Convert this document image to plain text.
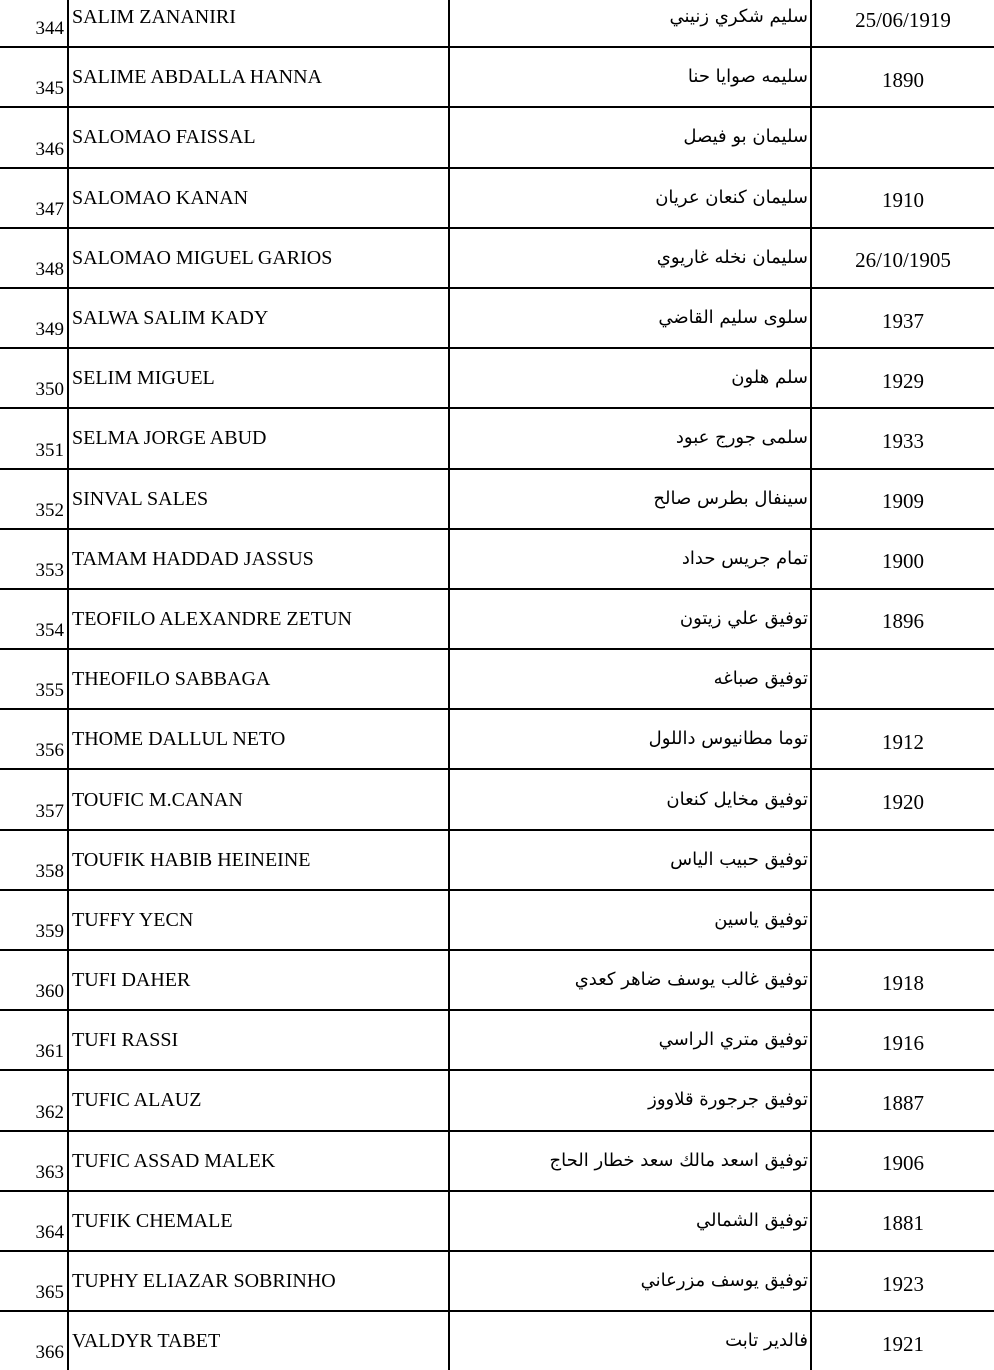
344	SALIM ZANANIRI	سليم شكري زنيني	25/06/1919
345	SALIME ABDALLA HANNA	سليمه صوايا حنا	1890
346	SALOMAO FAISSAL	سليمان بو فيصل	
347	SALOMAO KANAN	سليمان كنعان عريان	1910
348	SALOMAO MIGUEL GARIOS	سليمان نخله غاريوي	26/10/1905
349	SALWA SALIM KADY	سلوى سليم القاضي	1937
350	SELIM MIGUEL	سلم هلون	1929
351	SELMA JORGE ABUD	سلمى جورج عبود	1933
352	SINVAL SALES	سينفال بطرس صالح	1909
353	TAMAM HADDAD JASSUS	تمام جريس حداد	1900
354	TEOFILO ALEXANDRE ZETUN	توفيق علي زيتون	1896
355	THEOFILO SABBAGA	توفيق صباغه	
356	THOME DALLUL NETO	توما مطانيوس داللول	1912
357	TOUFIC M.CANAN	توفيق مخايل كنعان	1920
358	TOUFIK HABIB HEINEINE	توفيق حبيب الياس	
359	TUFFY YECN	توفيق ياسين	
360	TUFI DAHER	توفيق غالب يوسف ضاهر كعدي	1918
361	TUFI RASSI	توفيق متري الراسي	1916
362	TUFIC ALAUZ	توفيق جرجورة قلاووز	1887
363	TUFIC ASSAD MALEK	توفيق اسعد مالك سعد خطار الحاج	1906
364	TUFIK CHEMALE	توفيق الشمالي	1881
365	TUPHY ELIAZAR SOBRINHO	توفيق يوسف مزرعاني	1923
366	VALDYR TABET	فالدير تابت	1921
